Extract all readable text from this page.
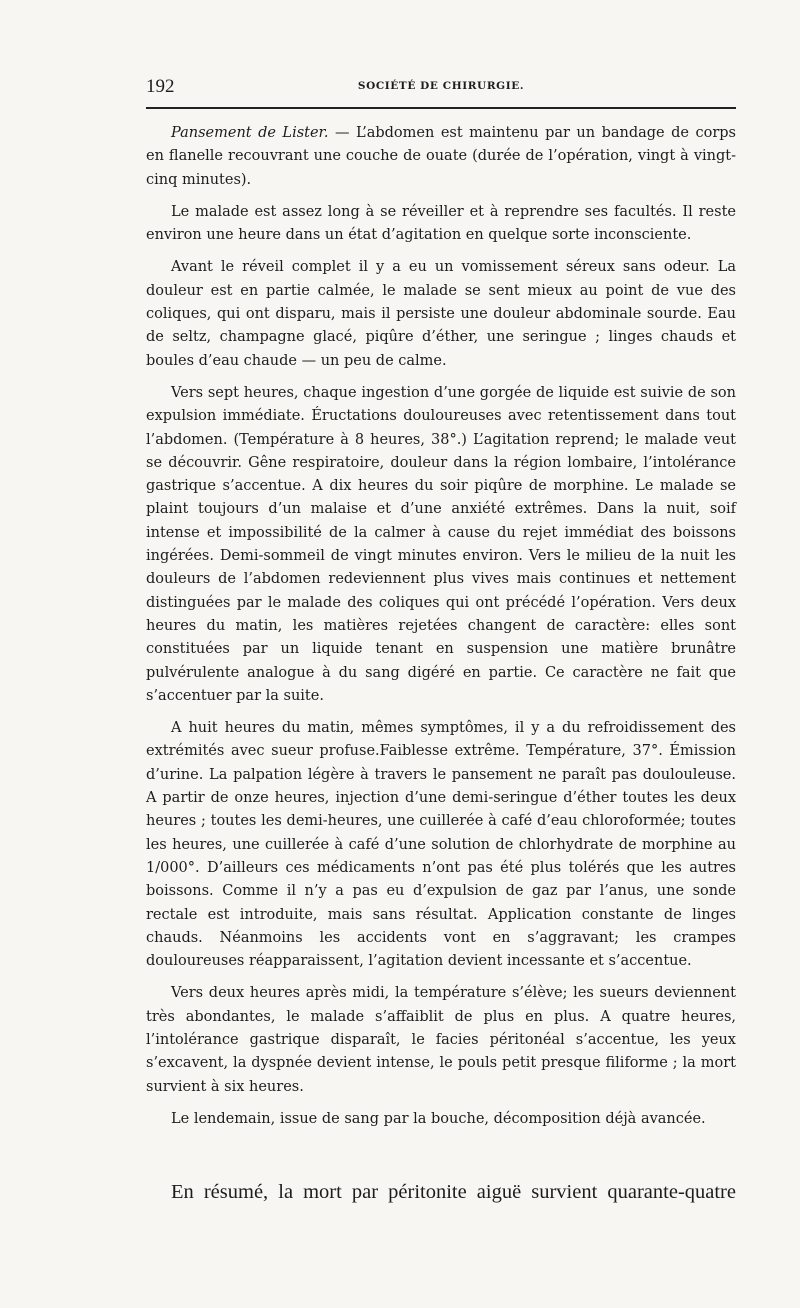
192	SOCIÉTÉ DE CHIRURGIE.

Pansement de Lister. — L’abdomen est maintenu par un bandage de corps en flanelle recouvrant une couche de ouate (durée de l’opération, vingt à vingt-cinq minutes).

Le malade est assez long à se réveiller et à reprendre ses facultés. Il reste environ une heure dans un état d’agitation en quelque sorte inconsciente.

Avant le réveil complet il y a eu un vomissement séreux sans odeur. La douleur est en partie calmée, le malade se sent mieux au point de vue des coliques, qui ont disparu, mais il persiste une douleur abdominale sourde. Eau de seltz, champagne glacé, piqûre d’éther, une seringue ; linges chauds et boules d’eau chaude — un peu de calme.

Vers sept heures, chaque ingestion d’une gorgée de liquide est suivie de son expulsion immédiate. Éructations douloureuses avec retentissement dans tout l’abdomen. (Température à 8 heures, 38°.) L’agitation reprend; le malade veut se découvrir. Gêne respiratoire, douleur dans la région lombaire, l’intolérance gastrique s’accentue. A dix heures du soir piqûre de morphine. Le malade se plaint toujours d’un malaise et d’une anxiété extrêmes. Dans la nuit, soif intense et impossibilité de la calmer à cause du rejet immédiat des boissons ingérées. Demi-sommeil de vingt minutes environ. Vers le milieu de la nuit les douleurs de l’abdomen redeviennent plus vives mais continues et nettement distinguées par le malade des coliques qui ont précédé l’opération. Vers deux heures du matin, les matières rejetées changent de caractère: elles sont constituées par un liquide tenant en suspension une matière brunâtre pulvérulente analogue à du sang digéré en partie. Ce caractère ne fait que s’accentuer par la suite.

A huit heures du matin, mêmes symptômes, il y a du refroidissement des extrémités avec sueur profuse.Faiblesse extrême. Température, 37°. Émission d’urine. La palpation légère à travers le pansement ne paraît pas doulouleuse. A partir de onze heures, injection d’une demi-seringue d’éther toutes les deux heures ; toutes les demi-heures, une cuillerée à café d’eau chloroformée; toutes les heures, une cuillerée à café d’une solution de chlorhydrate de morphine au 1/000°. D’ailleurs ces médicaments n’ont pas été plus tolérés que les autres boissons. Comme il n’y a pas eu d’expulsion de gaz par l’anus, une sonde rectale est introduite, mais sans résultat. Application constante de linges chauds. Néanmoins les accidents vont en s’aggravant; les crampes douloureuses réapparaissent, l’agitation devient incessante et s’accentue.

Vers deux heures après midi, la température s’élève; les sueurs deviennent très abondantes, le malade s’affaiblit de plus en plus. A quatre heures, l’intolérance gastrique disparaît, le facies péritonéal s’accentue, les yeux s’excavent, la dyspnée devient intense, le pouls petit presque filiforme ; la mort survient à six heures.

Le lendemain, issue de sang par la bouche, décomposition déjà avancée.

En résumé, la mort par péritonite aiguë survient quarante-quatre
